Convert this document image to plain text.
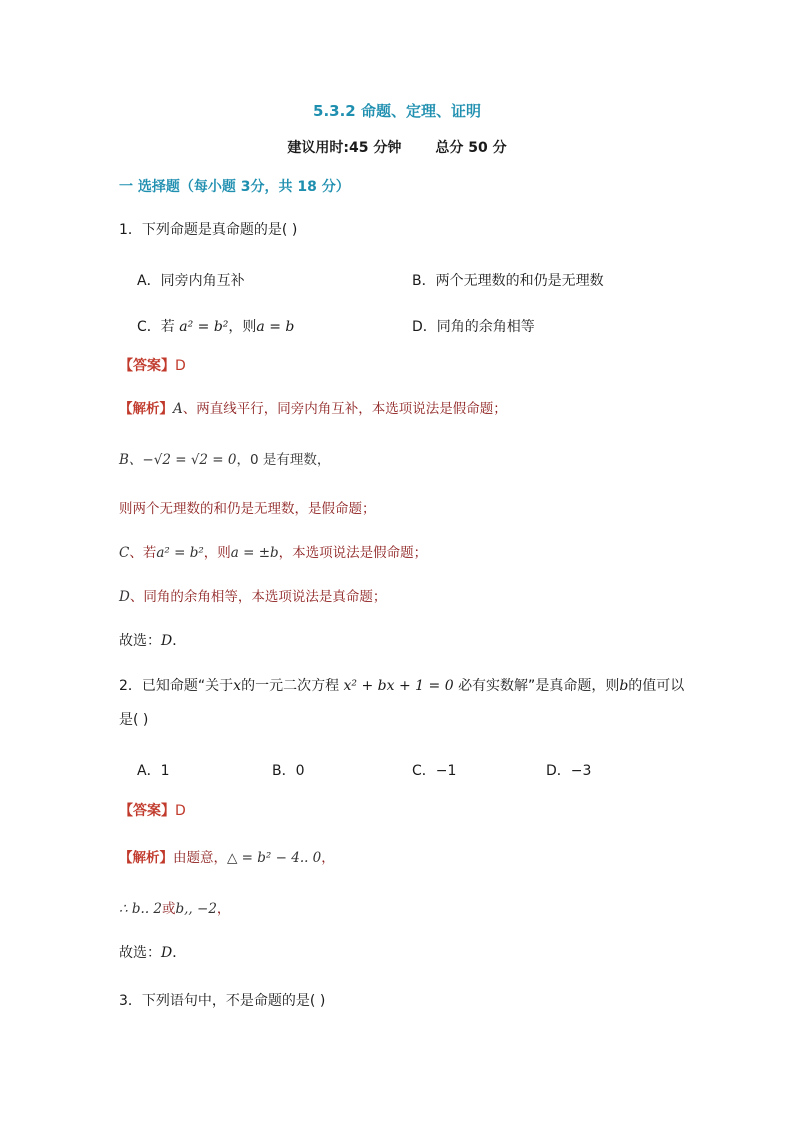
5.3.2 命题、定理、证明
建议用时:45 分钟 总分 50 分
一 选择题（每小题 3分，共 18 分）
1．下列命题是真命题的是( )
A．同旁内角互补	B．两个无理数的和仍是无理数
C．若 a² = b²，则a = b	D．同角的余角相等
【答案】D
【解析】A、两直线平行，同旁内角互补，本选项说法是假命题；
B、−√2 = √2 = 0，0 是有理数，
则两个无理数的和仍是无理数，是假命题；
C、若a² = b²，则a = ±b，本选项说法是假命题；
D、同角的余角相等，本选项说法是真命题；
故选：D．
2．已知命题“关于x的一元二次方程 x² + bx + 1 = 0 必有实数解”是真命题，则b的值可以
是( )
A．1	B．0	C．−1	D．−3
【答案】D
【解析】由题意，△ = b² − 4.. 0，
∴ b.. 2或b,, −2，
故选：D．
3．下列语句中，不是命题的是( )
